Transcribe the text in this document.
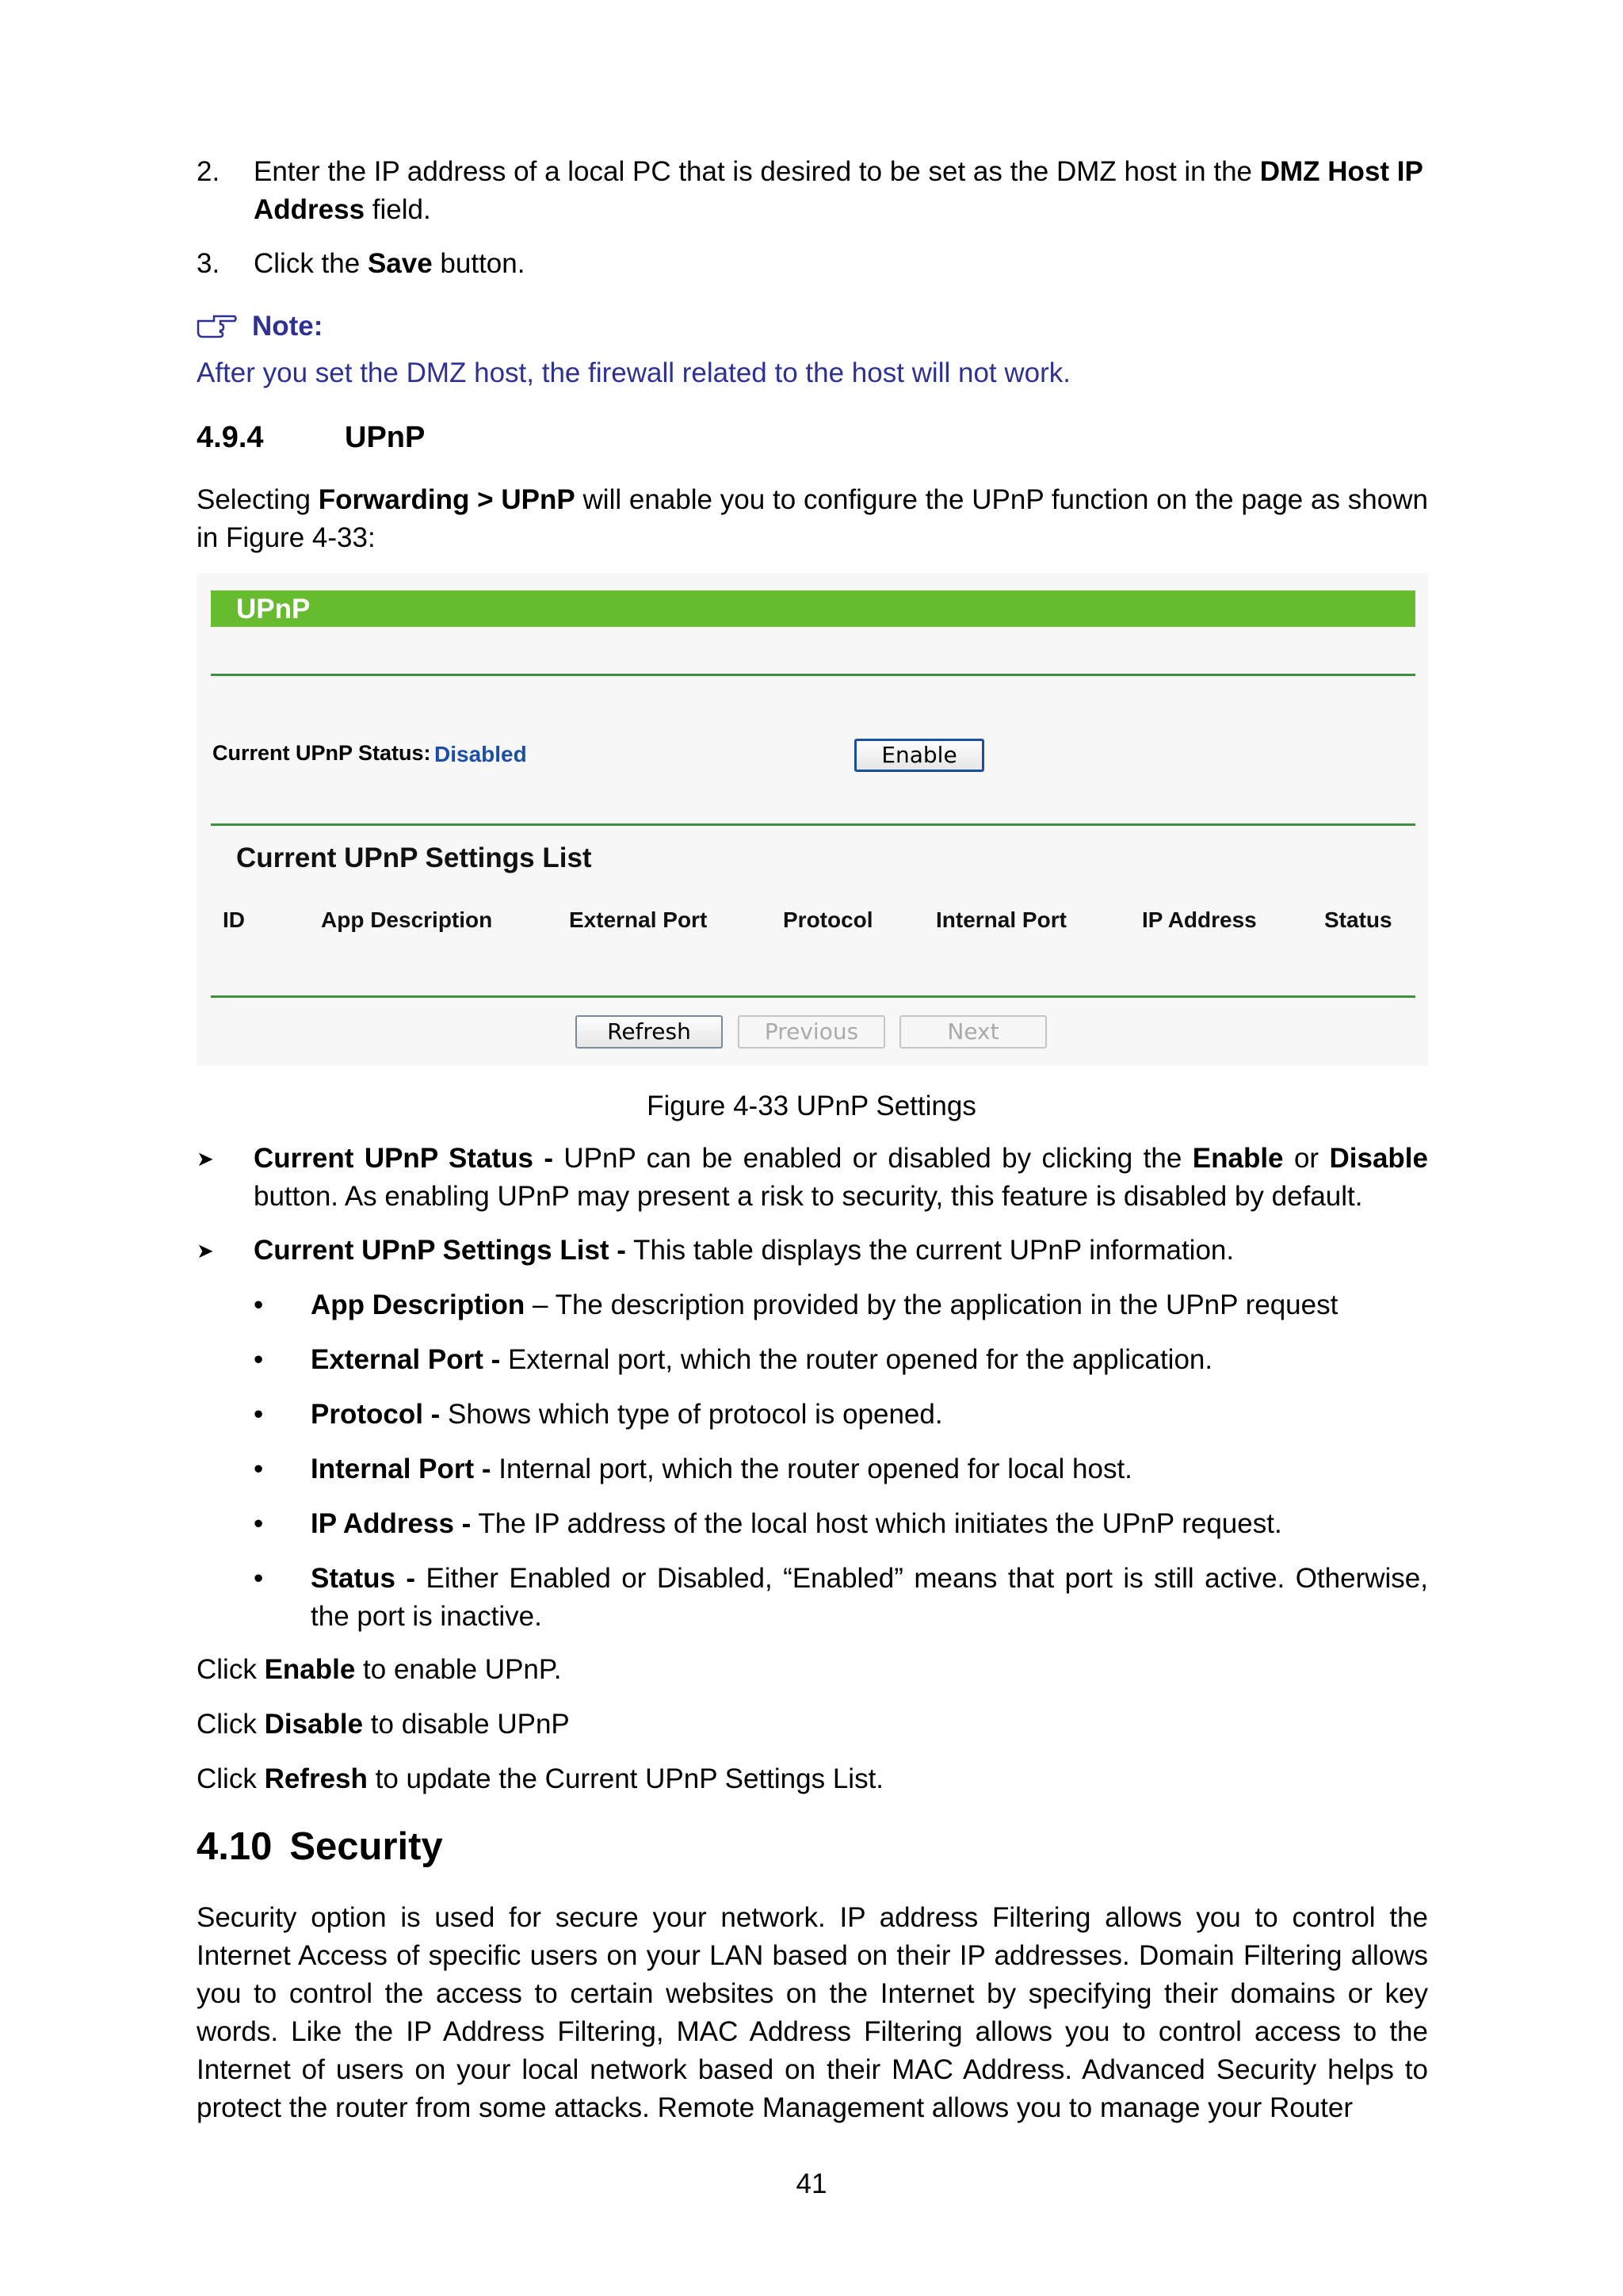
2. Enter the IP address of a local PC that is desired to be set as the DMZ host in the DMZ Host IP Address field.
3. Click the Save button.
Note:
After you set the DMZ host, the firewall related to the host will not work.
4.9.4	UPnP

Selecting Forwarding > UPnP will enable you to configure the UPnP function on the page as shown in Figure 4-33:

UPnP
Current UPnP Status: Disabled	Enable
Current UPnP Settings List
ID	App Description	External Port	Protocol	Internal Port	IP Address	Status
Refresh	Previous	Next
Figure 4-33 UPnP Settings
➤ Current UPnP Status - UPnP can be enabled or disabled by clicking the Enable or Disable button. As enabling UPnP may present a risk to security, this feature is disabled by default.
➤ Current UPnP Settings List - This table displays the current UPnP information.
• App Description – The description provided by the application in the UPnP request
• External Port - External port, which the router opened for the application.
• Protocol - Shows which type of protocol is opened.
• Internal Port - Internal port, which the router opened for local host.
• IP Address - The IP address of the local host which initiates the UPnP request.
• Status - Either Enabled or Disabled, “Enabled” means that port is still active. Otherwise, the port is inactive.
Click Enable to enable UPnP.
Click Disable to disable UPnP
Click Refresh to update the Current UPnP Settings List.
4.10 Security

Security option is used for secure your network. IP address Filtering allows you to control the Internet Access of specific users on your LAN based on their IP addresses. Domain Filtering allows you to control the access to certain websites on the Internet by specifying their domains or key words. Like the IP Address Filtering, MAC Address Filtering allows you to control access to the Internet of users on your local network based on their MAC Address. Advanced Security helps to protect the router from some attacks. Remote Management allows you to manage your Router

41
